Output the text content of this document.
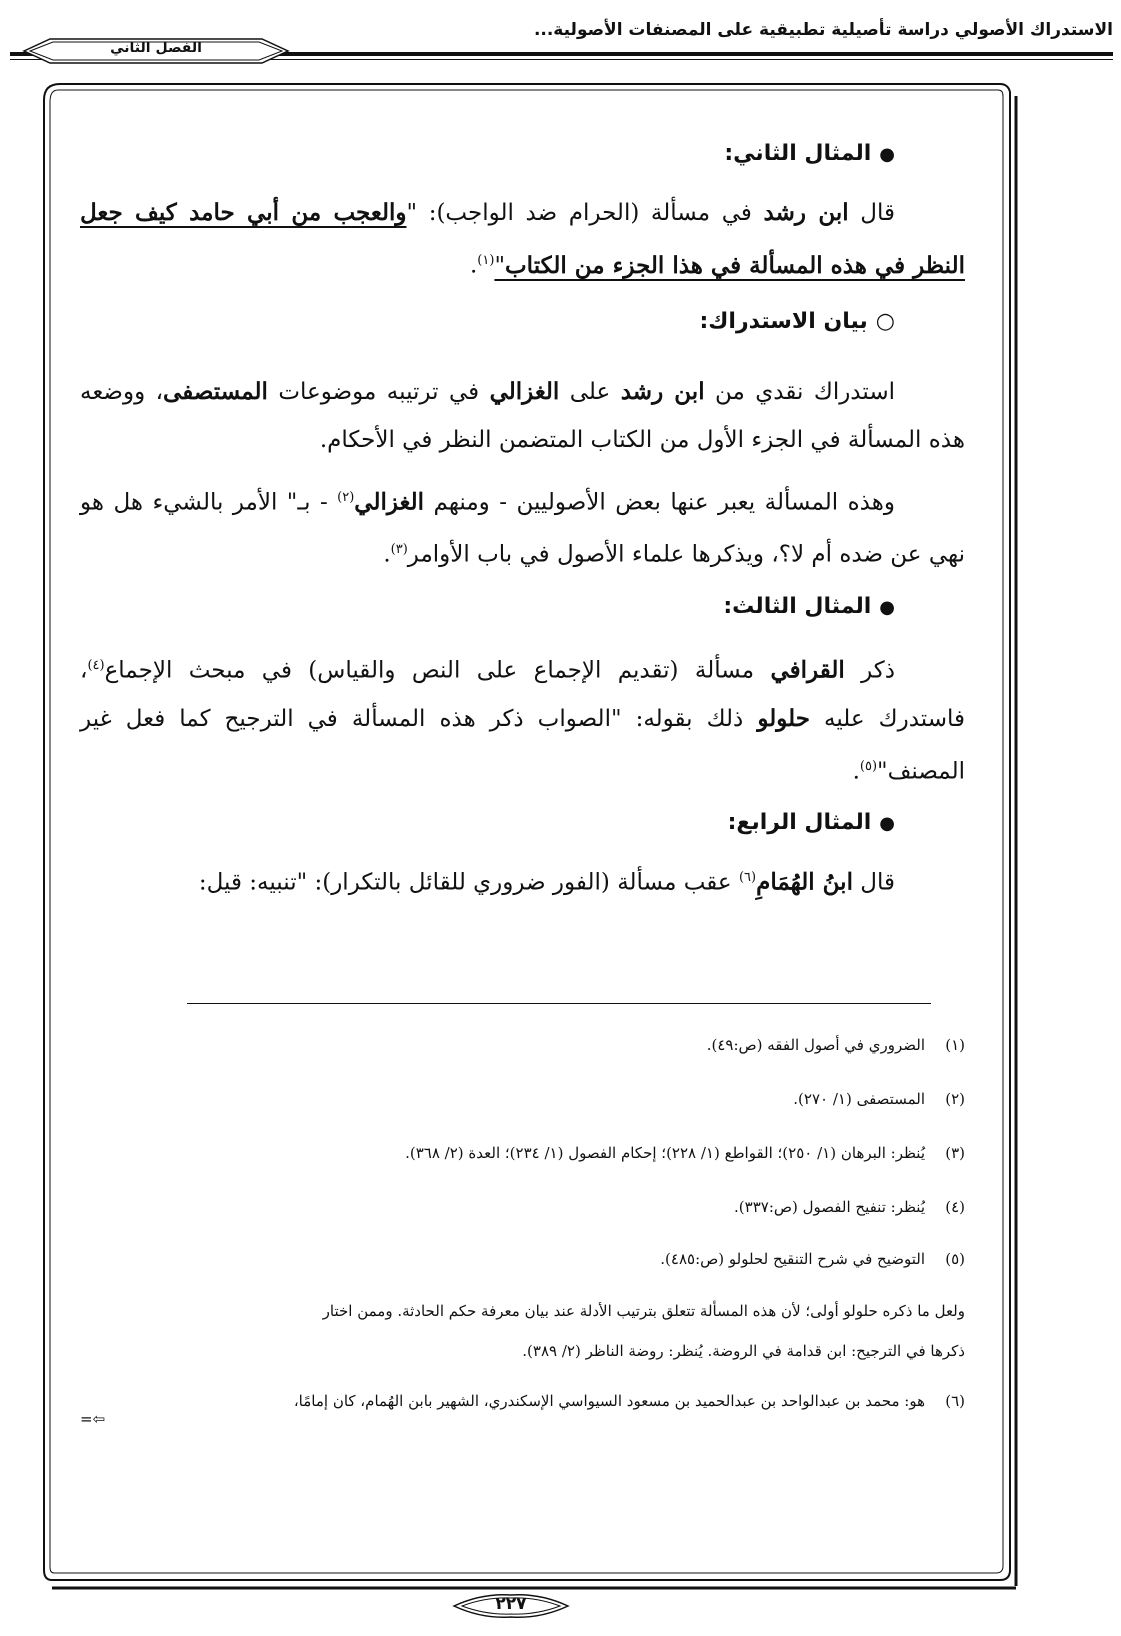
الاستدراك الأصولي دراسة تأصيلية تطبيقية على المصنفات الأصولية...
الفصل الثاني

●المثال الثاني:

قال ابن رشد في مسألة (الحرام ضد الواجب): "والعجب من أبي حامد كيف جعل النظر في هذه المسألة في هذا الجزء من الكتاب"$^{(١)}$.

○بيان الاستدراك:

استدراك نقدي من ابن رشد على الغزالي في ترتيبه موضوعات المستصفى، ووضعه هذه المسألة في الجزء الأول من الكتاب المتضمن النظر في الأحكام.

وهذه المسألة يعبر عنها بعض الأصوليين - ومنهم الغزالي$^{(٢)}$ - بـ" الأمر بالشيء هل هو نهي عن ضده أم لا؟، ويذكرها علماء الأصول في باب الأوامر$^{(٣)}$.

●المثال الثالث:

ذكر القرافي مسألة (تقديم الإجماع على النص والقياس) في مبحث الإجماع$^{(٤)}$، فاستدرك عليه حلولو ذلك بقوله: "الصواب ذكر هذه المسألة في الترجيح كما فعل غير المصنف"$^{(٥)}$.

●المثال الرابع:

قال ابنُ الهُمَامِ$^{(٦)}$ عقب مسألة (الفور ضروري للقائل بالتكرار): "تنبيه: قيل:

(١)الضروري في أصول الفقه (ص:٤٩).
(٢)المستصفى (١/ ٢٧٠).
(٣)يُنظر: البرهان (١/ ٢٥٠)؛ القواطع (١/ ٢٢٨)؛ إحكام الفصول (١/ ٢٣٤)؛ العدة (٢/ ٣٦٨).
(٤)يُنظر: تنفيح الفصول (ص:٣٣٧).
(٥)التوضيح في شرح التنقيح لحلولو (ص:٤٨٥).
ولعل ما ذكره حلولو أولى؛ لأن هذه المسألة تتعلق بترتيب الأدلة عند بيان معرفة حكم الحادثة. وممن اختار
ذكرها في الترجيح: ابن قدامة في الروضة. يُنظر: روضة الناظر (٢/ ٣٨٩).
(٦)هو: محمد بن عبدالواحد بن عبدالحميد بن مسعود السيواسي الإسكندري، الشهير بابن الهُمام، كان إمامًا،
=⇦
٢٢٧
